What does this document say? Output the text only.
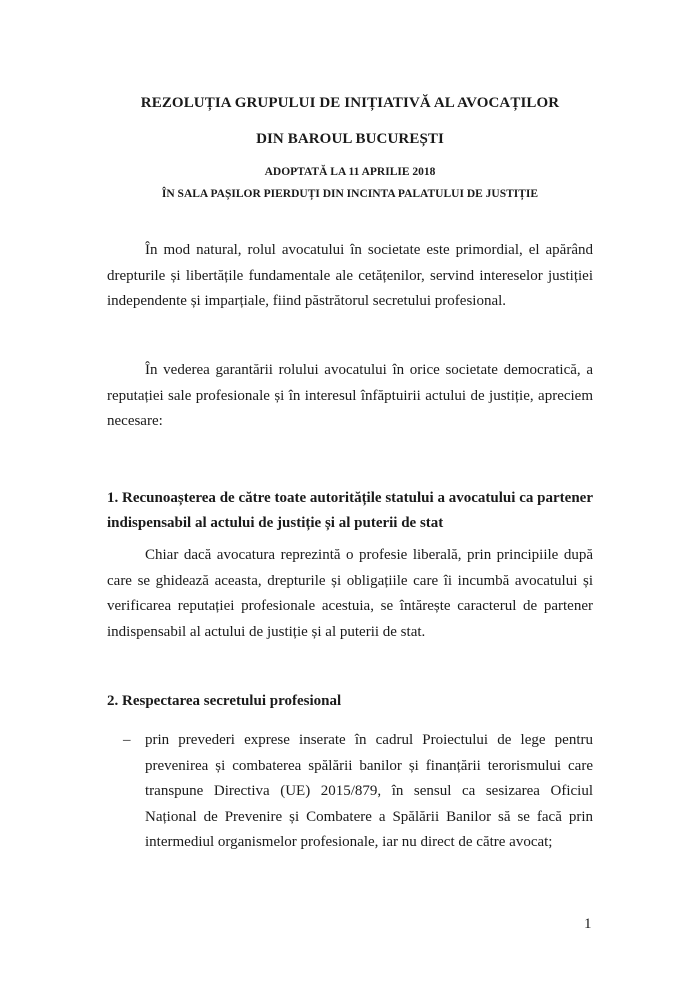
REZOLUȚIA GRUPULUI DE INIȚIATIVĂ AL AVOCAȚILOR
DIN BAROUL BUCUREȘTI
ADOPTATĂ LA 11 APRILIE 2018
ÎN SALA PAȘILOR PIERDUȚI DIN INCINTA PALATULUI DE JUSTIȚIE

În mod natural, rolul avocatului în societate este primordial, el apărând drepturile și libertățile fundamentale ale cetățenilor, servind intereselor justiției independente și imparțiale, fiind păstrătorul secretului profesional.

În vederea garantării rolului avocatului în orice societate democratică, a reputației sale profesionale și în interesul înfăptuirii actului de justiție, apreciem necesare:

1. Recunoașterea de către toate autoritățile statului a avocatului ca partener indispensabil al actului de justiție și al puterii de stat

Chiar dacă avocatura reprezintă o profesie liberală, prin principiile după care se ghidează aceasta, drepturile și obligațiile care îi incumbă avocatului și verificarea reputației profesionale acestuia, se întărește caracterul de partener indispensabil al actului de justiție și al puterii de stat.

2. Respectarea secretului profesional

– prin prevederi exprese inserate în cadrul Proiectului de lege pentru prevenirea și combaterea spălării banilor și finanțării terorismului care transpune Directiva (UE) 2015/879, în sensul ca sesizarea Oficiul Național de Prevenire și Combatere a Spălării Banilor să se facă prin intermediul organismelor profesionale, iar nu direct de către avocat;

1
